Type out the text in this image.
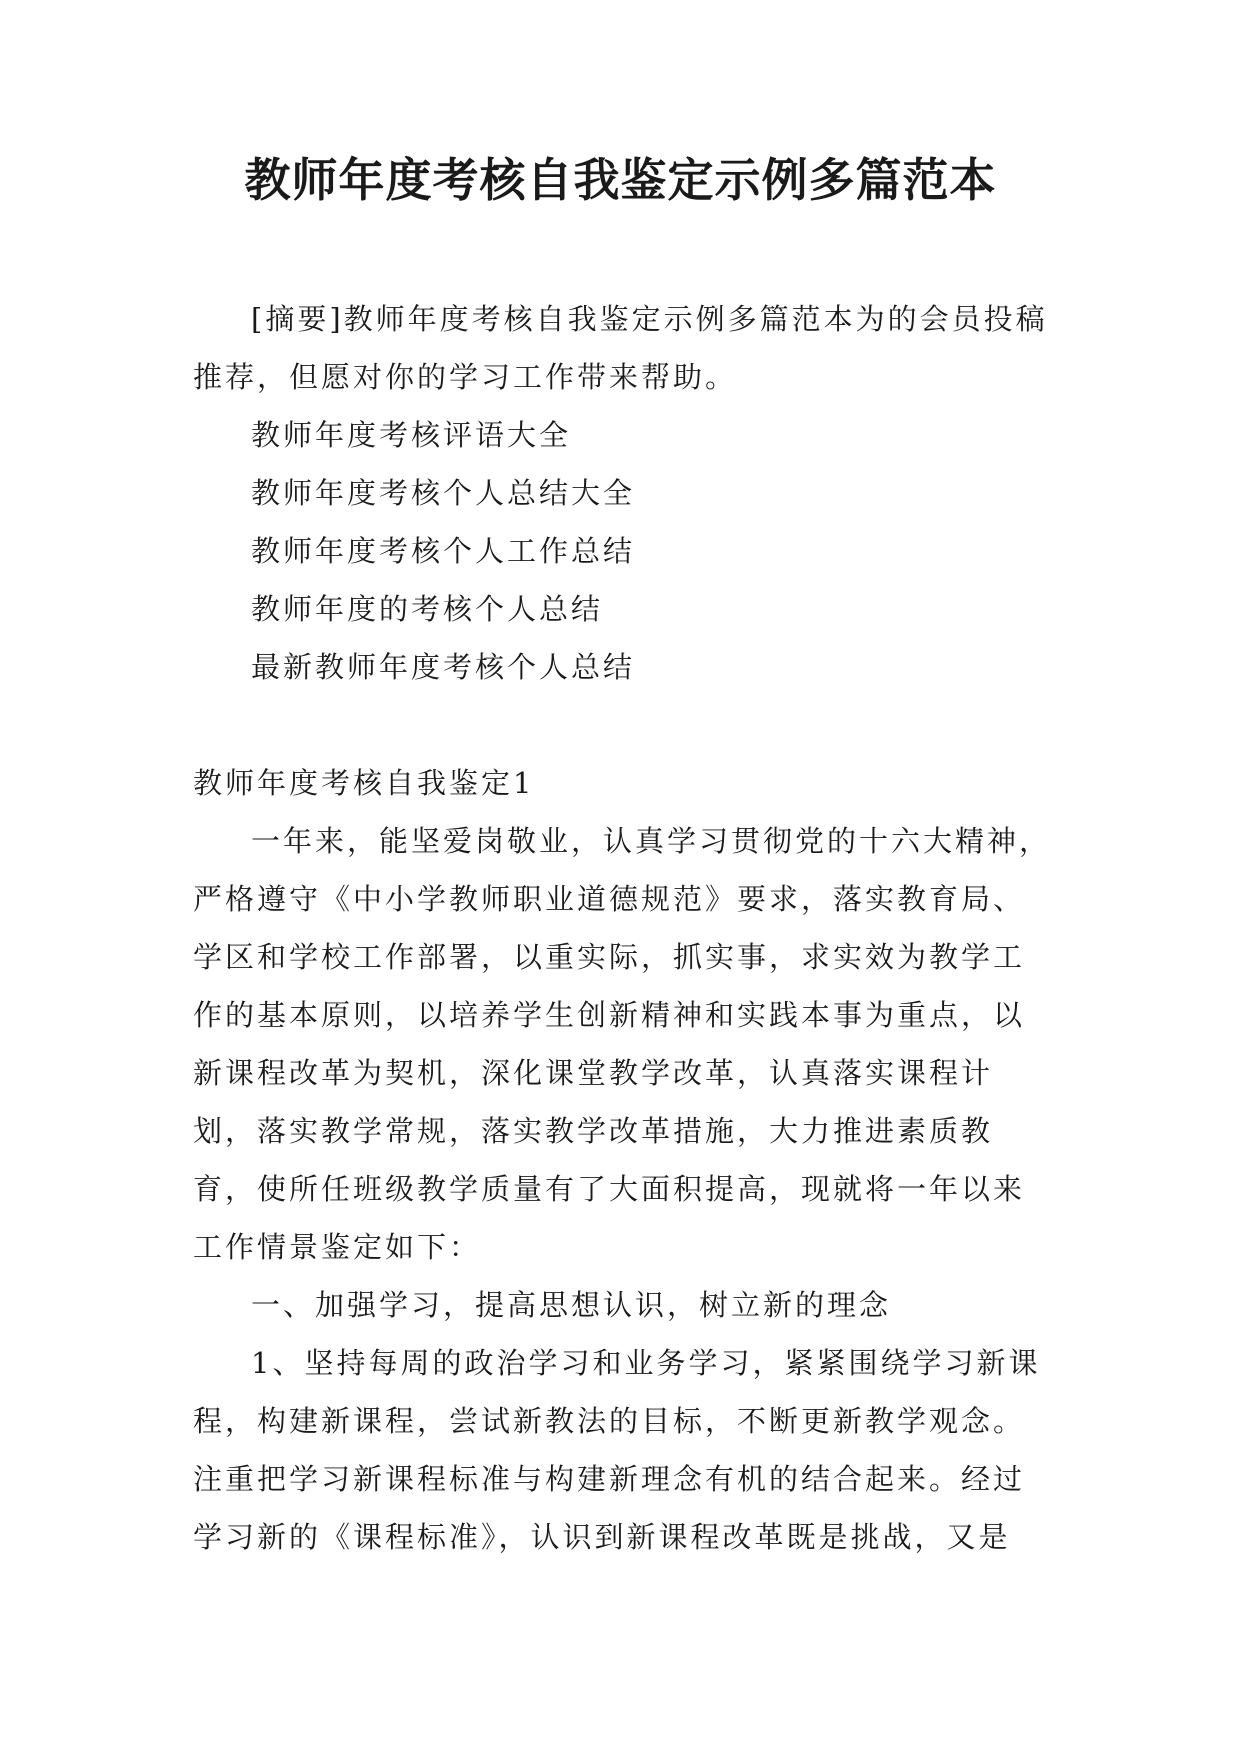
教师年度考核自我鉴定示例多篇范本

[摘要]教师年度考核自我鉴定示例多篇范本为的会员投稿推荐，但愿对你的学习工作带来帮助。

教师年度考核评语大全

教师年度考核个人总结大全

教师年度考核个人工作总结

教师年度的考核个人总结

最新教师年度考核个人总结

教师年度考核自我鉴定1

一年来，能坚爱岗敬业，认真学习贯彻党的十六大精神，严格遵守《中小学教师职业道德规范》要求，落实教育局、学区和学校工作部署，以重实际，抓实事，求实效为教学工作的基本原则，以培养学生创新精神和实践本事为重点，以新课程改革为契机，深化课堂教学改革，认真落实课程计划，落实教学常规，落实教学改革措施，大力推进素质教育，使所任班级教学质量有了大面积提高，现就将一年以来工作情景鉴定如下：

一、加强学习，提高思想认识，树立新的理念

1、坚持每周的政治学习和业务学习，紧紧围绕学习新课程，构建新课程，尝试新教法的目标，不断更新教学观念。注重把学习新课程标准与构建新理念有机的结合起来。经过学习新的《课程标准》，认识到新课程改革既是挑战，又是
